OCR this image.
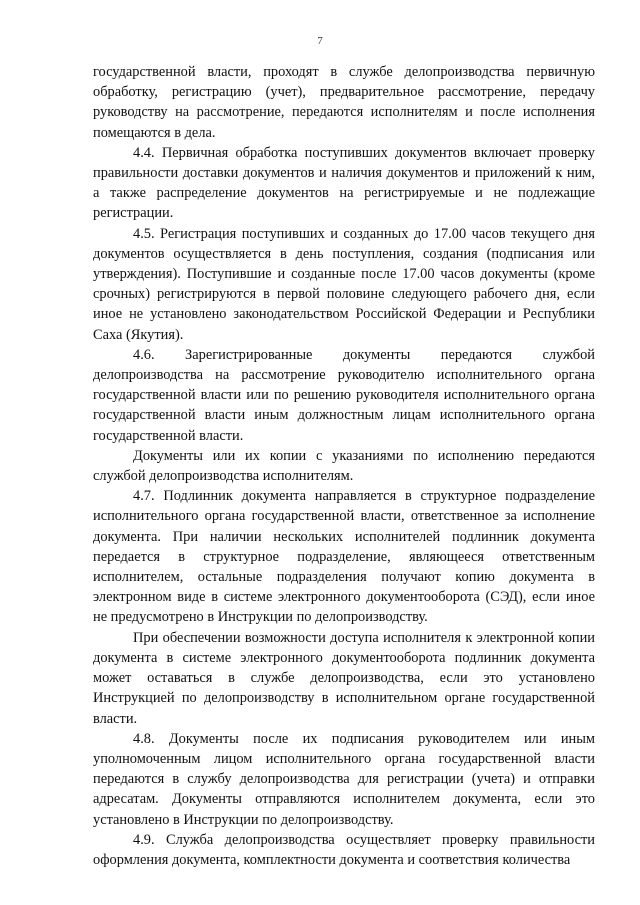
7

государственной власти, проходят в службе делопроизводства первичную обработку, регистрацию (учет), предварительное рассмотрение, передачу руководству на рассмотрение, передаются исполнителям и после исполнения помещаются в дела.

4.4. Первичная обработка поступивших документов включает проверку правильности доставки документов и наличия документов и приложений к ним, а также распределение документов на регистрируемые и не подлежащие регистрации.

4.5. Регистрация поступивших и созданных до 17.00 часов текущего дня документов осуществляется в день поступления, создания (подписания или утверждения). Поступившие и созданные после 17.00 часов документы (кроме срочных) регистрируются в первой половине следующего рабочего дня, если иное не установлено законодательством Российской Федерации и Республики Саха (Якутия).

4.6. Зарегистрированные документы передаются службой делопроизводства на рассмотрение руководителю исполнительного органа государственной власти или по решению руководителя исполнительного органа государственной власти иным должностным лицам исполнительного органа государственной власти.

Документы или их копии с указаниями по исполнению передаются службой делопроизводства исполнителям.

4.7. Подлинник документа направляется в структурное подразделение исполнительного органа государственной власти, ответственное за исполнение документа. При наличии нескольких исполнителей подлинник документа передается в структурное подразделение, являющееся ответственным исполнителем, остальные подразделения получают копию документа в электронном виде в системе электронного документооборота (СЭД), если иное не предусмотрено в Инструкции по делопроизводству.

При обеспечении возможности доступа исполнителя к электронной копии документа в системе электронного документооборота подлинник документа может оставаться в службе делопроизводства, если это установлено Инструкцией по делопроизводству в исполнительном органе государственной власти.

4.8. Документы после их подписания руководителем или иным уполномоченным лицом исполнительного органа государственной власти передаются в службу делопроизводства для регистрации (учета) и отправки адресатам. Документы отправляются исполнителем документа, если это установлено в Инструкции по делопроизводству.

4.9. Служба делопроизводства осуществляет проверку правильности оформления документа, комплектности документа и соответствия количества
